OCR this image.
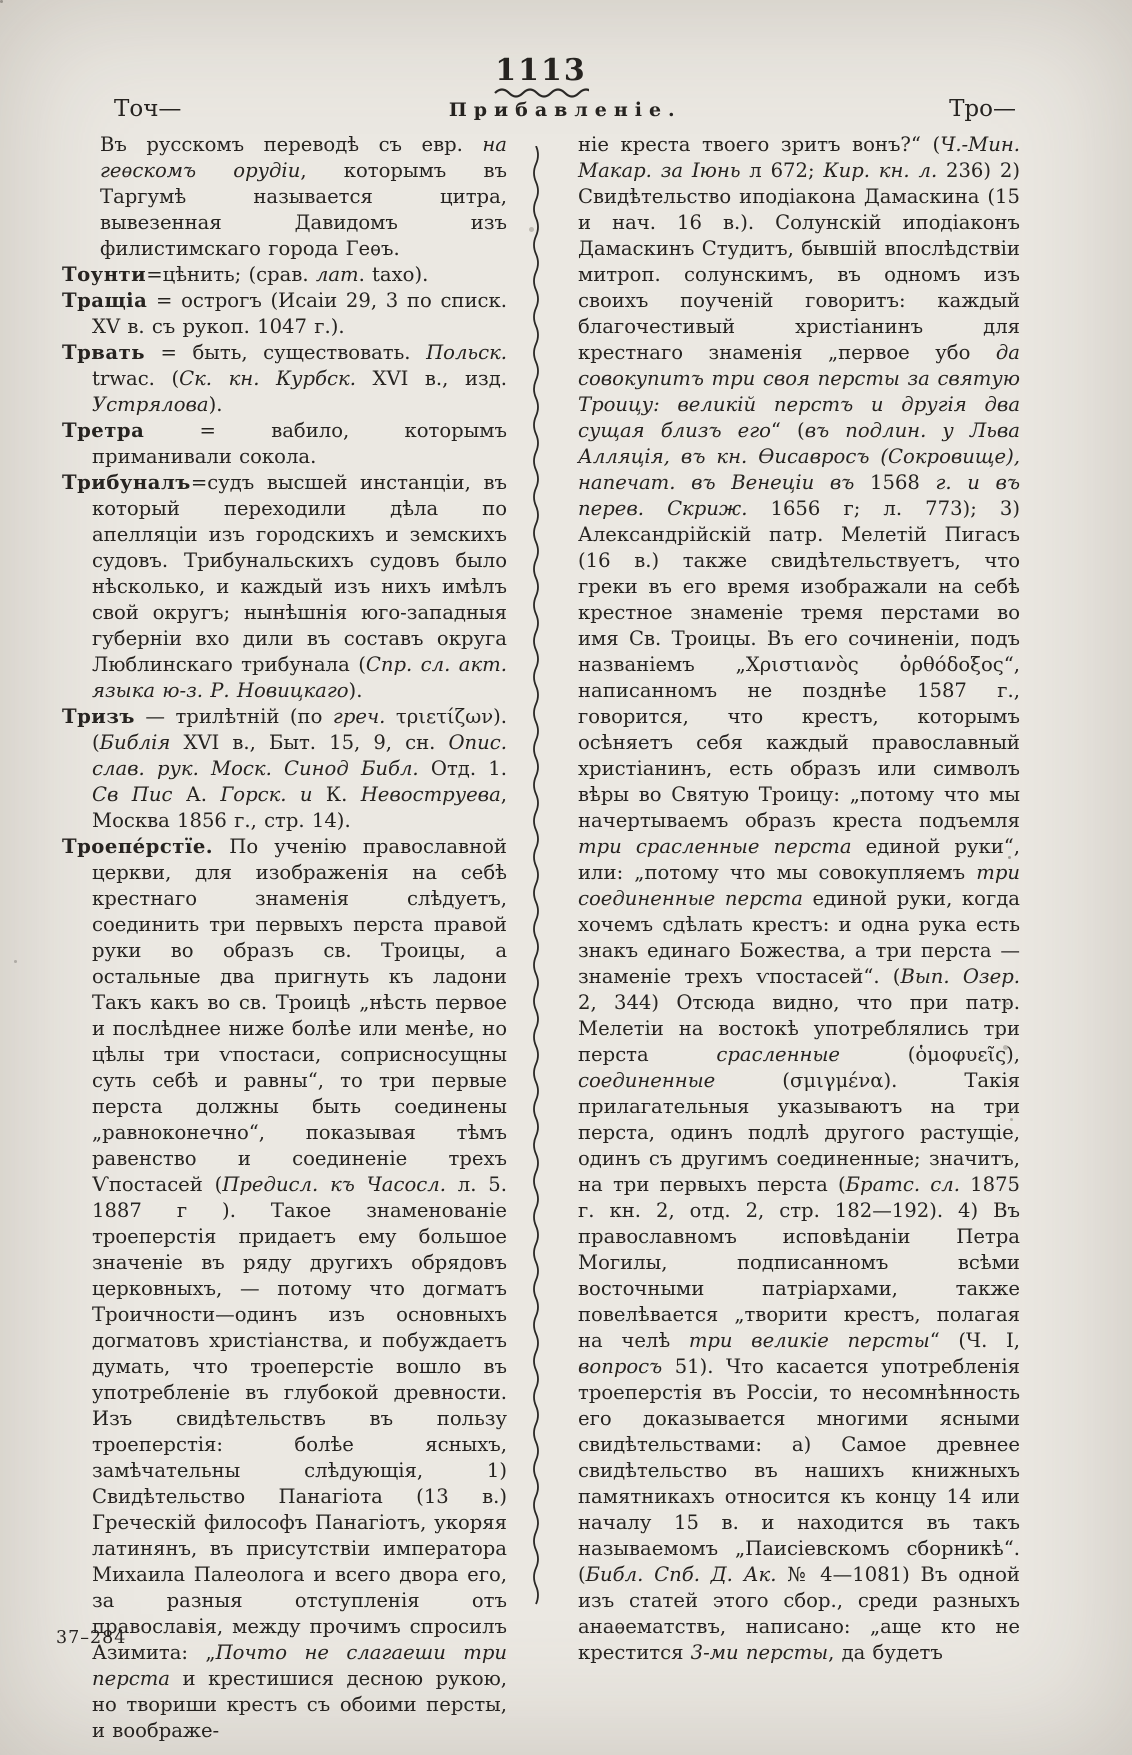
1113
Точ—	Прибавленіе.	Тро—

Въ русскомъ переводѣ съ евр. на геѳскомъ орудіи, которымъ въ Таргумѣ называется цитра, вывезенная Давидомъ изъ филистимскаго города Геѳъ.

Тоунти=цѣнить; (срав. лат. taxo).

Тращіа = острогъ (Исаіи 29, 3 по списк. XV в. съ рукоп. 1047 г.).

Трвать = быть, существовать. Польск. trwac. (Ск. кн. Курбск. XVI в., изд. Устрялова).

Третра = вабило, которымъ приманивали сокола.

Трибуналъ=судъ высшей инстанціи, въ который переходили дѣла по апелляціи изъ городскихъ и земскихъ судовъ. Трибунальскихъ судовъ было нѣсколько, и каждый изъ нихъ имѣлъ свой округъ; нынѣшнія юго-западныя губерніи вхо дили въ составъ округа Люблинскаго трибунала (Спр. сл. акт. языка ю-з. Р. Новицкаго).

Тризъ — трилѣтній (по греч. τριετίζων). (Библія XVI в., Быт. 15, 9, сн. Опис. слав. рук. Моск. Синод Библ. Отд. 1. Св Пис А. Горск. и К. Невоструева, Москва 1856 г., стр. 14).

Троепе́рстїе. По ученію православной церкви, для изображенія на себѣ крестнаго знаменія слѣдуетъ, соединить три первыхъ перста правой руки во образъ св. Троицы, а остальные два пригнуть къ ладони Такъ какъ во св. Троицѣ „нѣсть первое и послѣднее ниже болѣе или менѣе, но цѣлы три ѵпостаси, соприсносущны суть себѣ и равны“, то три первые перста должны быть соединены „равноконечно“, показывая тѣмъ равенство и соединеніе трехъ Ѵпостасей (Предисл. къ Часосл. л. 5. 1887 г ). Такое знаменованіе троеперстія придаетъ ему большое значеніе въ ряду другихъ обрядовъ церковныхъ, — потому что догматъ Троичности—одинъ изъ основныхъ догматовъ христіанства, и побуждаетъ думать, что троеперстіе вошло въ употребленіе въ глубокой древности. Изъ свидѣтельствъ въ пользу троеперстія: болѣе ясныхъ, замѣчательны слѣдующія, 1) Свидѣтельство Панагіота (13 в.) Греческій философъ Панагіотъ, укоряя латинянъ, въ присутствіи императора Михаила Палеолога и всего двора его, за разныя отступленія отъ православія, между прочимъ спросилъ Азимита: „Почто не слагаеши три перста и крестишися десною рукою, но твориши крестъ съ обоими персты, и воображе-

ніе креста твоего зритъ вонъ?“ (Ч.-Мин. Макар. за Іюнь л 672; Кир. кн. л. 236) 2) Свидѣтельство иподіакона Дамаскина (15 и нач. 16 в.). Солунскій иподіаконъ Дамаскинъ Студитъ, бывшій впослѣдствіи митроп. солунскимъ, въ одномъ изъ своихъ поученій говоритъ: каждый благочестивый христіанинъ для крестнаго знаменія „первое убо да совокупитъ три своя персты за святую Троицу: великій перстъ и другія два сущая близъ его“ (въ подлин. у Льва Алляція, въ кн. Ѳисавросъ (Сокровище), напечат. въ Венеціи въ 1568 г. и въ перев. Скриж. 1656 г; л. 773); 3) Александрійскій патр. Мелетій Пигасъ (16 в.) также свидѣтельствуетъ, что греки въ его время изображали на себѣ крестное знаменіе тремя перстами во имя Св. Троицы. Въ его сочиненіи, подъ названіемъ „Χριστιανὸς ὀρθόδοξος“, написанномъ не позднѣе 1587 г., говорится, что крестъ, которымъ осѣняетъ себя каждый православный христіанинъ, есть образъ или символъ вѣры во Святую Троицу: „потому что мы начертываемъ образъ креста подъемля три срасленные перста единой руки“, или: „потому что мы совокупляемъ три соединенные перста единой руки, когда хочемъ сдѣлать крестъ: и одна рука есть знакъ единаго Божества, а три перста — знаменіе трехъ ѵпостасей“. (Вып. Озер. 2, 344) Отсюда видно, что при патр. Мелетіи на востокѣ употреблялись три перста срасленные (ὁμοφυεῖς), соединенные (σμιγμένα). Такія прилагательныя указываютъ на три перста, одинъ подлѣ другого растущіе, одинъ съ другимъ соединенные; значитъ, на три первыхъ перста (Братс. сл. 1875 г. кн. 2, отд. 2, стр. 182—192). 4) Въ православномъ исповѣданіи Петра Могилы, подписанномъ всѣми восточными патріархами, также повелѣвается „творити крестъ, полагая на челѣ три великіе персты“ (Ч. І, вопросъ 51). Что касается употребленія троеперстія въ Россіи, то несомнѣнность его доказывается многими ясными свидѣтельствами: а) Самое древнее свидѣтельство въ нашихъ книжныхъ памятникахъ относится къ концу 14 или началу 15 в. и находится въ такъ называемомъ „Паисіевскомъ сборникѣ“. (Библ. Спб. Д. Ак. № 4—1081) Въ одной изъ статей этого сбор., среди разныхъ анаѳематствъ, написано: „аще кто не крестится 3-ми персты, да будетъ

37–284
